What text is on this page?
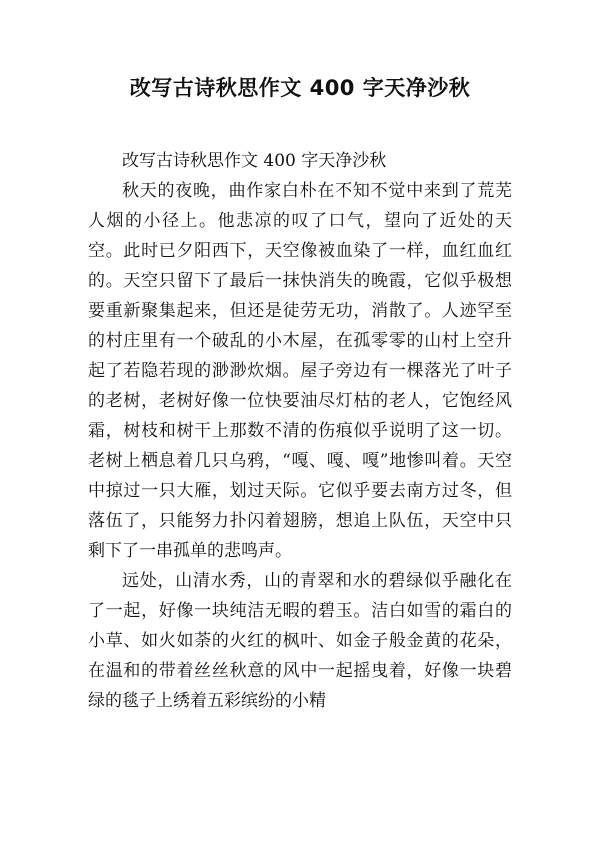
改写古诗秋思作文 400 字天净沙秋

改写古诗秋思作文 400 字天净沙秋

秋天的夜晚，曲作家白朴在不知不觉中来到了荒芜人烟的小径上。他悲凉的叹了口气，望向了近处的天空。此时已夕阳西下，天空像被血染了一样，血红血红的。天空只留下了最后一抹快消失的晚霞，它似乎极想要重新聚集起来，但还是徒劳无功，消散了。人迹罕至的村庄里有一个破乱的小木屋，在孤零零的山村上空升起了若隐若现的渺渺炊烟。屋子旁边有一棵落光了叶子的老树，老树好像一位快要油尽灯枯的老人，它饱经风霜，树枝和树干上那数不清的伤痕似乎说明了这一切。老树上栖息着几只乌鸦，“嘎、嘎、嘎”地惨叫着。天空中掠过一只大雁，划过天际。它似乎要去南方过冬，但落伍了，只能努力扑闪着翅膀，想追上队伍，天空中只剩下了一串孤单的悲鸣声。

远处，山清水秀，山的青翠和水的碧绿似乎融化在了一起，好像一块纯洁无暇的碧玉。洁白如雪的霜白的小草、如火如荼的火红的枫叶、如金子般金黄的花朵，在温和的带着丝丝秋意的风中一起摇曳着，好像一块碧绿的毯子上绣着五彩缤纷的小精
